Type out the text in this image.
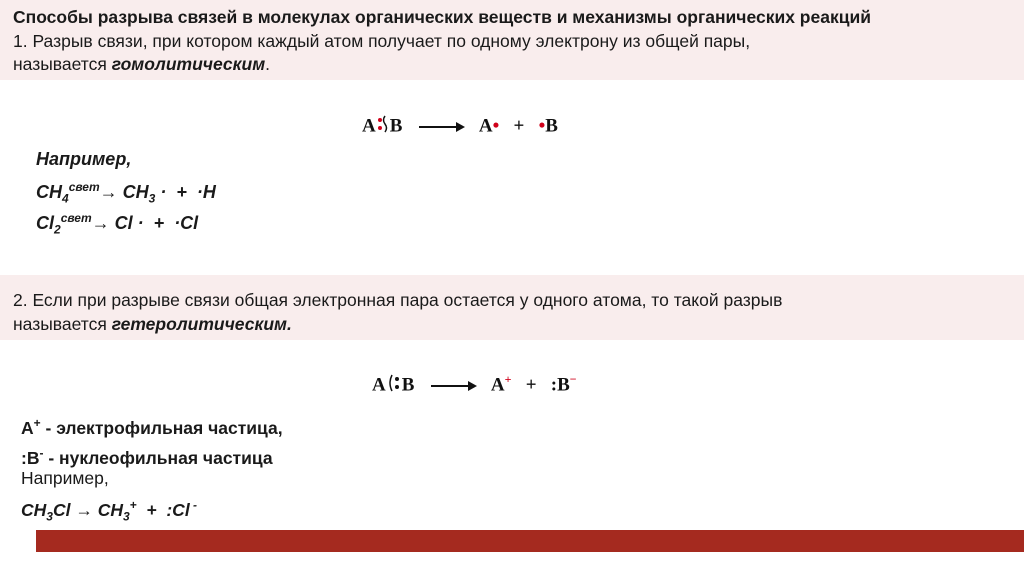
Способы разрыва связей в молекулах органических веществ и механизмы органических реакций
1. Разрыв связи, при котором каждый атом получает по одному электрону из общей пары,
называется гомолитическим.
A B → A• + •B
Например,
$CH_4^{свет}\to CH_3$ ·  +  ·H
$Cl_2^{свет}\to Cl$ ·  +  ·Cl
2. Если при разрыве связи общая электронная пара остается у одного атома, то такой разрыв
называется гетеролитическим.
A B → A+ + :B−
A+ - электрофильная частица,
:B- - нуклеофильная частица
Например,
$CH_3Cl \to CH_3^+$  +  :Cl -
